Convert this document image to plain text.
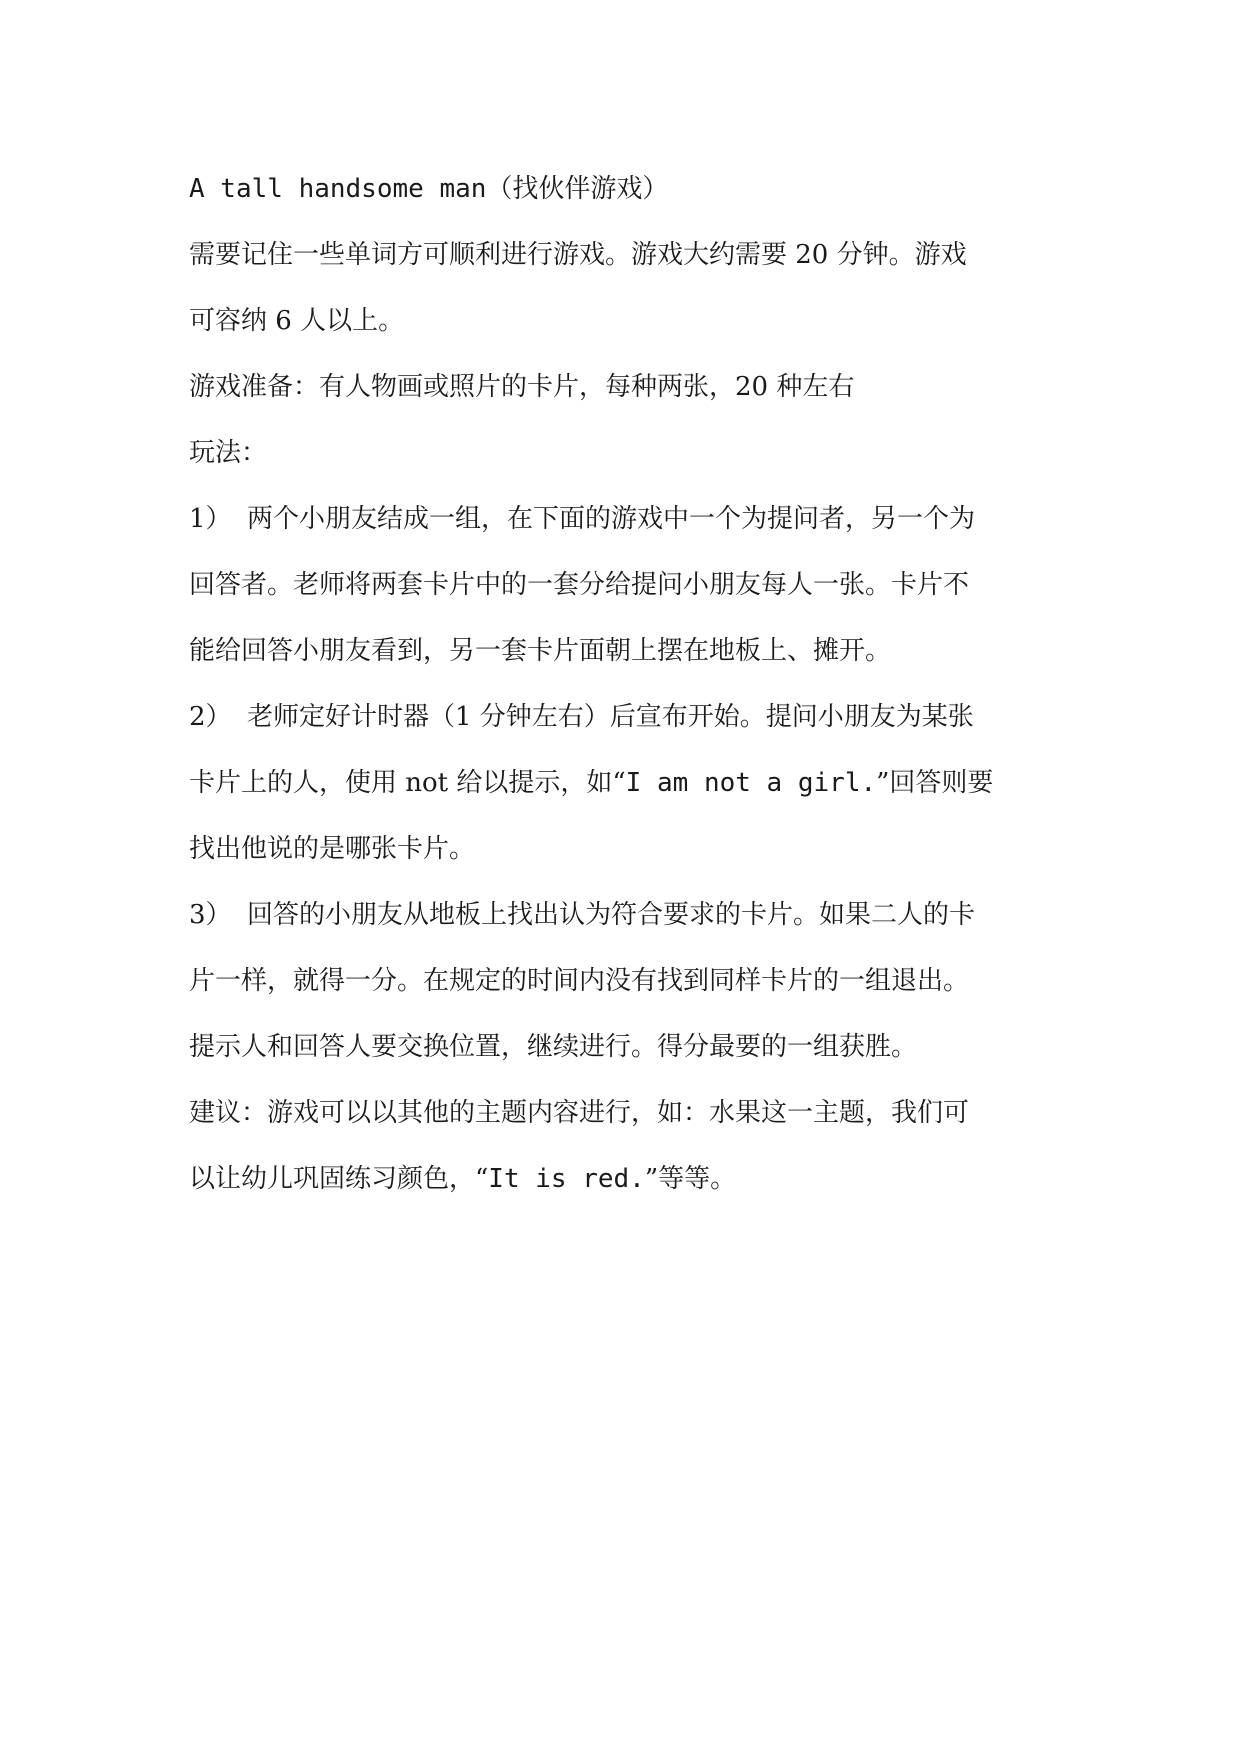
A tall handsome man（找伙伴游戏）
需要记住一些单词方可顺利进行游戏。游戏大约需要 20 分钟。游戏
可容纳 6 人以上。
游戏准备：有人物画或照片的卡片，每种两张，20 种左右
玩法：
1） 两个小朋友结成一组，在下面的游戏中一个为提问者，另一个为
回答者。老师将两套卡片中的一套分给提问小朋友每人一张。卡片不
能给回答小朋友看到，另一套卡片面朝上摆在地板上、摊开。
2） 老师定好计时器（1 分钟左右）后宣布开始。提问小朋友为某张
卡片上的人，使用 not 给以提示，如“I am not a girl.”回答则要
找出他说的是哪张卡片。
3） 回答的小朋友从地板上找出认为符合要求的卡片。如果二人的卡
片一样，就得一分。在规定的时间内没有找到同样卡片的一组退出。
提示人和回答人要交换位置，继续进行。得分最要的一组获胜。
建议：游戏可以以其他的主题内容进行，如：水果这一主题，我们可
以让幼儿巩固练习颜色，“It is red.”等等。
